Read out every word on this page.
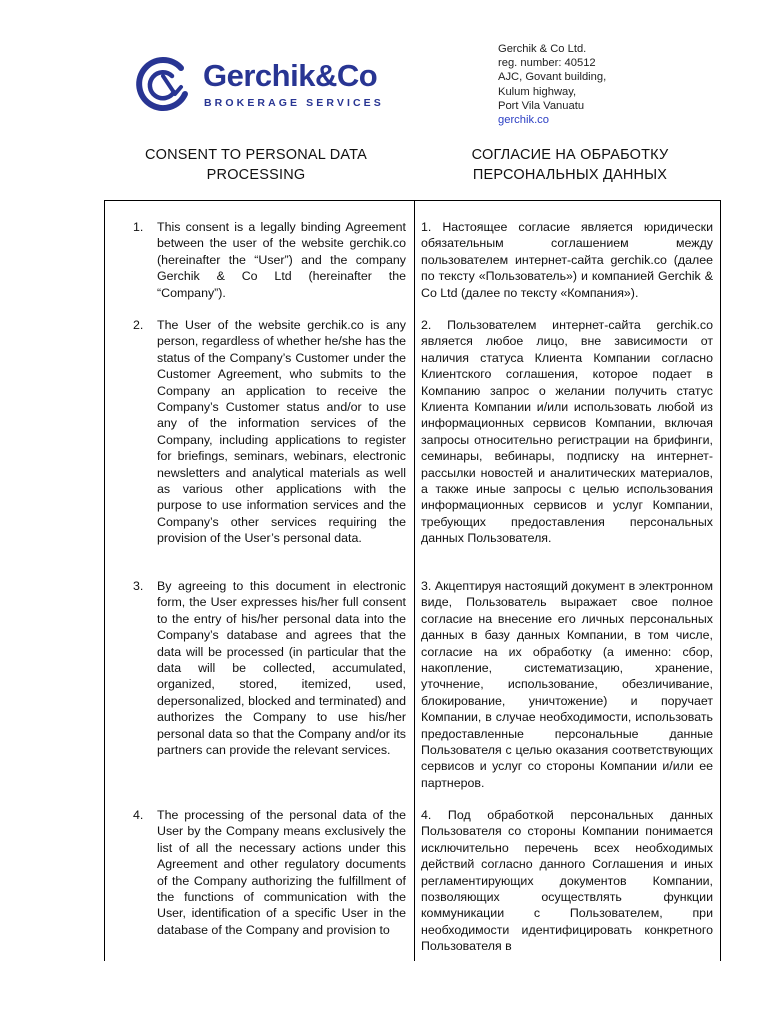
Gerchik&Co
BROKERAGE SERVICES
Gerchik & Co Ltd.
reg. number: 40512
AJC, Govant building,
Kulum highway,
Port Vila Vanuatu
gerchik.co
CONSENT TO PERSONAL DATA PROCESSING
СОГЛАСИЕ НА ОБРАБОТКУ ПЕРСОНАЛЬНЫХ ДАННЫХ
1. This consent is a legally binding Agreement between the user of the website gerchik.co (hereinafter the “User”) and the company Gerchik & Co Ltd (hereinafter the “Company”).
2. The User of the website gerchik.co is any person, regardless of whether he/she has the status of the Company’s Customer under the Customer Agreement, who submits to the Company an application to receive the Company’s Customer status and/or to use any of the information services of the Company, including applications to register for briefings, seminars, webinars, electronic newsletters and analytical materials as well as various other applications with the purpose to use information services and the Company’s other services requiring the provision of the User’s personal data.
3. By agreeing to this document in electronic form, the User expresses his/her full consent to the entry of his/her personal data into the Company’s database and agrees that the data will be processed (in particular that the data will be collected, accumulated, organized, stored, itemized, used, depersonalized, blocked and terminated) and authorizes the Company to use his/her personal data so that the Company and/or its partners can provide the relevant services.
4. The processing of the personal data of the User by the Company means exclusively the list of all the necessary actions under this Agreement and other regulatory documents of the Company authorizing the fulfillment of the functions of communication with the User, identification of a specific User in the database of the Company and provision to
1. Настоящее согласие является юридически обязательным соглашением между пользователем интернет-сайта gerchik.co (далее по тексту «Пользователь») и компанией Gerchik & Co Ltd (далее по тексту «Компания»).
2. Пользователем интернет-сайта gerchik.co является любое лицо, вне зависимости от наличия статуса Клиента Компании согласно Клиентского соглашения, которое подает в Компанию запрос о желании получить статус Клиента Компании и/или использовать любой из информационных сервисов Компании, включая запросы относительно регистрации на брифинги, семинары, вебинары, подписку на интернет-рассылки новостей и аналитических материалов, а также иные запросы с целью использования информационных сервисов и услуг Компании, требующих предоставления персональных данных Пользователя.
3. Акцептируя настоящий документ в электронном виде, Пользователь выражает свое полное согласие на внесение его личных персональных данных в базу данных Компании, в том числе, согласие на их обработку (а именно: сбор, накопление, систематизацию, хранение, уточнение, использование, обезличивание, блокирование, уничтожение) и поручает Компании, в случае необходимости, использовать предоставленные персональные данные Пользователя с целью оказания соответствующих сервисов и услуг со стороны Компании и/или ее партнеров.
4. Под обработкой персональных данных Пользователя со стороны Компании понимается исключительно перечень всех необходимых действий согласно данного Соглашения и иных регламентирующих документов Компании, позволяющих осуществлять функции коммуникации с Пользователем, при необходимости идентифицировать конкретного Пользователя в
